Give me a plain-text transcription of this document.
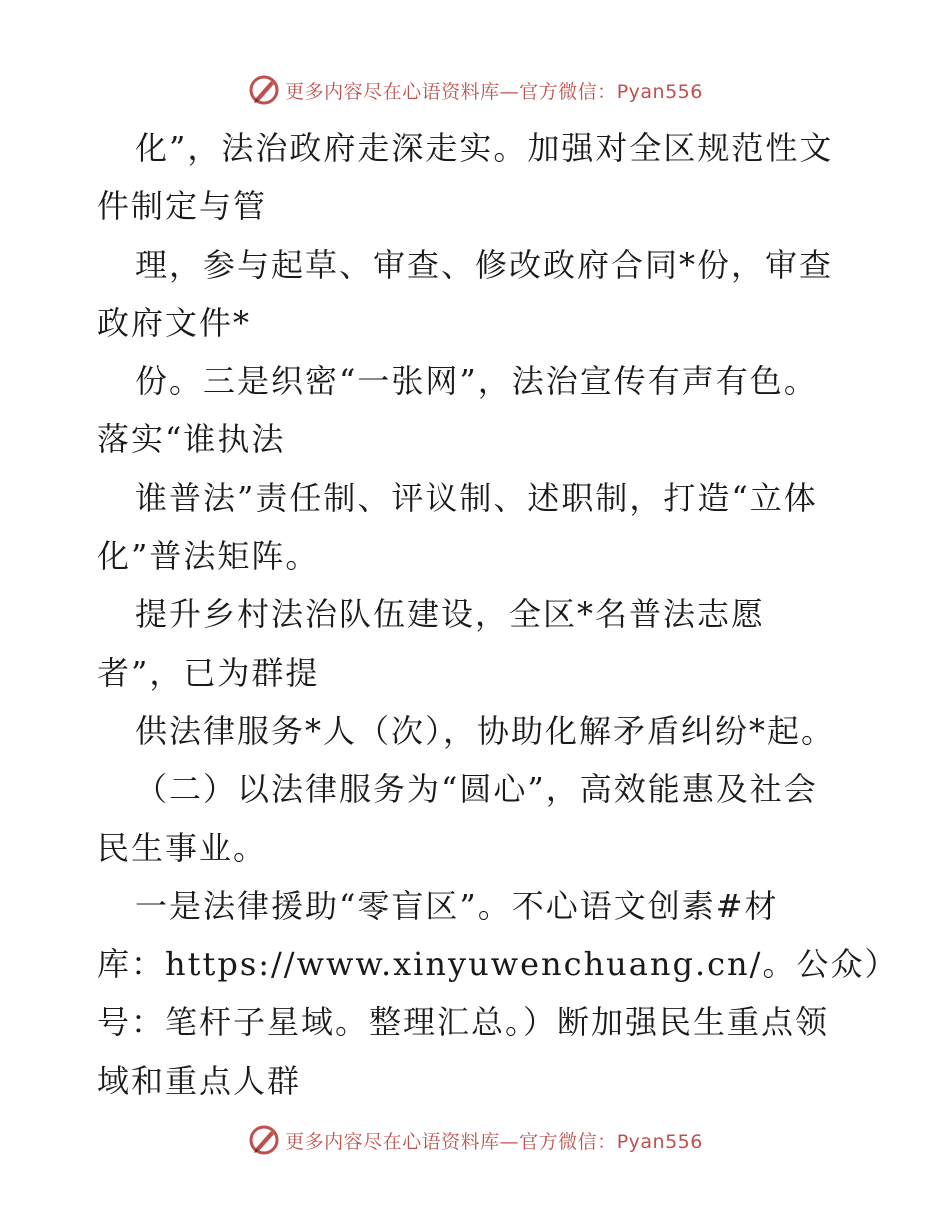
更多内容尽在心语资料库—官方微信：Pyan556
化”，法治政府走深走实。加强对全区规范性文
件制定与管
理，参与起草、审查、修改政府合同*份，审查
政府文件*
份。三是织密“一张网”，法治宣传有声有色。
落实“谁执法
谁普法”责任制、评议制、述职制，打造“立体
化”普法矩阵。
提升乡村法治队伍建设，全区*名普法志愿
者”，已为群提
供法律服务*人（次），协助化解矛盾纠纷*起。
（二）以法律服务为“圆心”，高效能惠及社会
民生事业。
一是法律援助“零盲区”。不心语文创素#材
库：https://www.xinyuwenchuang.cn/。公众）
号：笔杆子星域。整理汇总。）断加强民生重点领
域和重点人群
更多内容尽在心语资料库—官方微信：Pyan556
